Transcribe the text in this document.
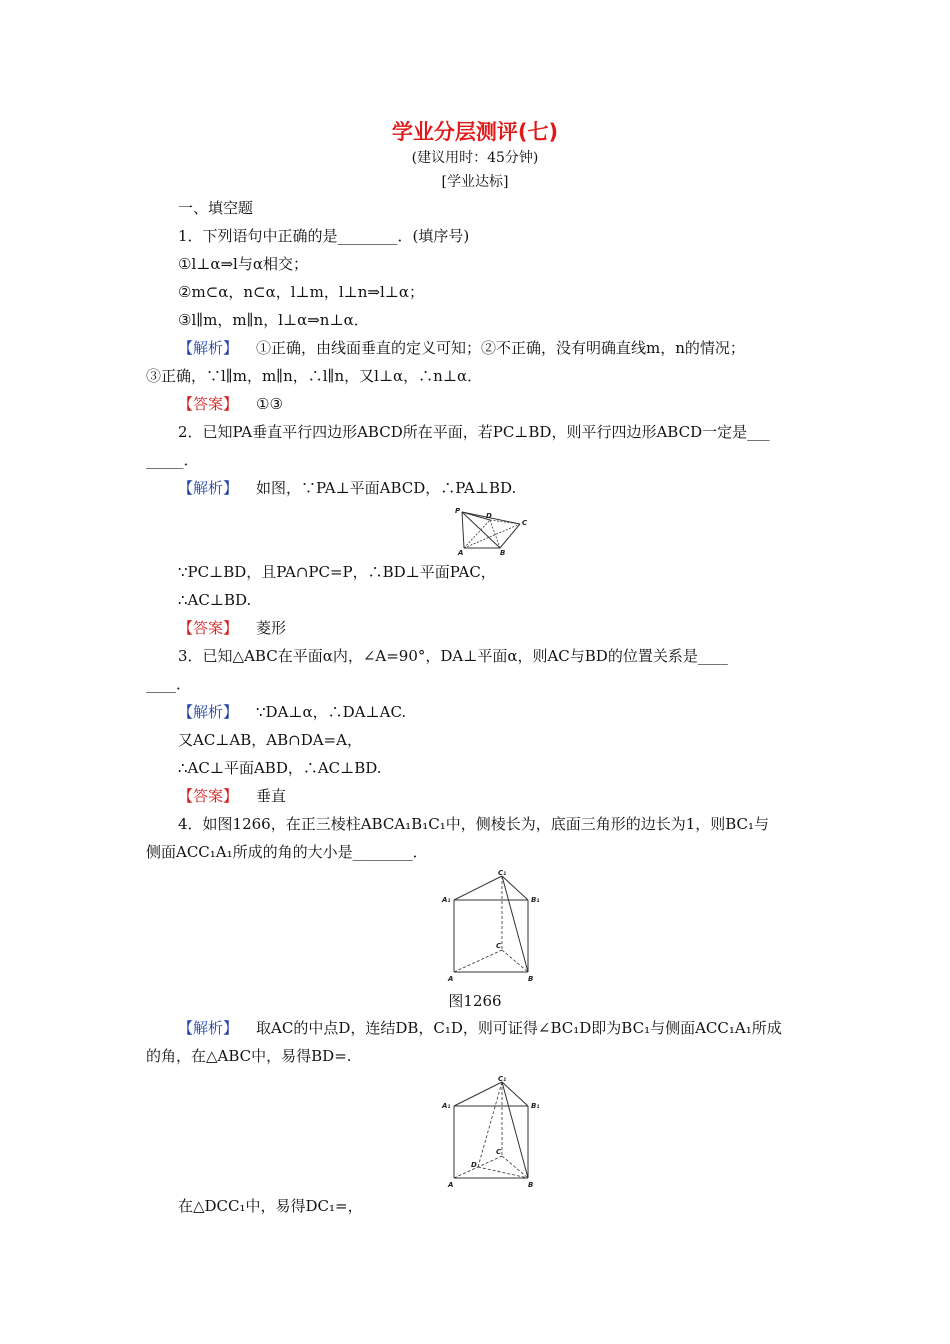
学业分层测评(七)
(建议用时：45分钟)
[学业达标]
一、填空题
1．下列语句中正确的是________．(填序号)
①l⊥α⇒l与α相交；
②m⊂α，n⊂α，l⊥m，l⊥n⇒l⊥α；
③l∥m，m∥n，l⊥α⇒n⊥α．
【解析】 ①正确，由线面垂直的定义可知；②不正确，没有明确直线m，n的情况；
③正确，∵l∥m，m∥n，∴l∥n，又l⊥α，∴n⊥α．
【答案】 ①③
2．已知PA垂直平行四边形ABCD所在平面，若PC⊥BD，则平行四边形ABCD一定是___
_____．
【解析】 如图，∵PA⊥平面ABCD，∴PA⊥BD.
P
D
C
A	B
∵PC⊥BD，且PA∩PC=P，∴BD⊥平面PAC，
∴AC⊥BD.
【答案】 菱形
3．已知△ABC在平面α内，∠A=90°，DA⊥平面α，则AC与BD的位置关系是____
____．
【解析】 ∵DA⊥α，∴DA⊥AC.
又AC⊥AB，AB∩DA=A，
∴AC⊥平面ABD，∴AC⊥BD.
【答案】 垂直
4．如图1266，在正三棱柱ABCA₁B₁C₁中，侧棱长为，底面三角形的边长为1，则BC₁与
侧面ACC₁A₁所成的角的大小是________．
C₁
A₁	B₁
C
A	B
图1266
【解析】 取AC的中点D，连结DB，C₁D，则可证得∠BC₁D即为BC₁与侧面ACC₁A₁所成
的角，在△ABC中，易得BD=.
C₁
A₁	B₁
C
D
A	B
在△DCC₁中，易得DC₁=，
